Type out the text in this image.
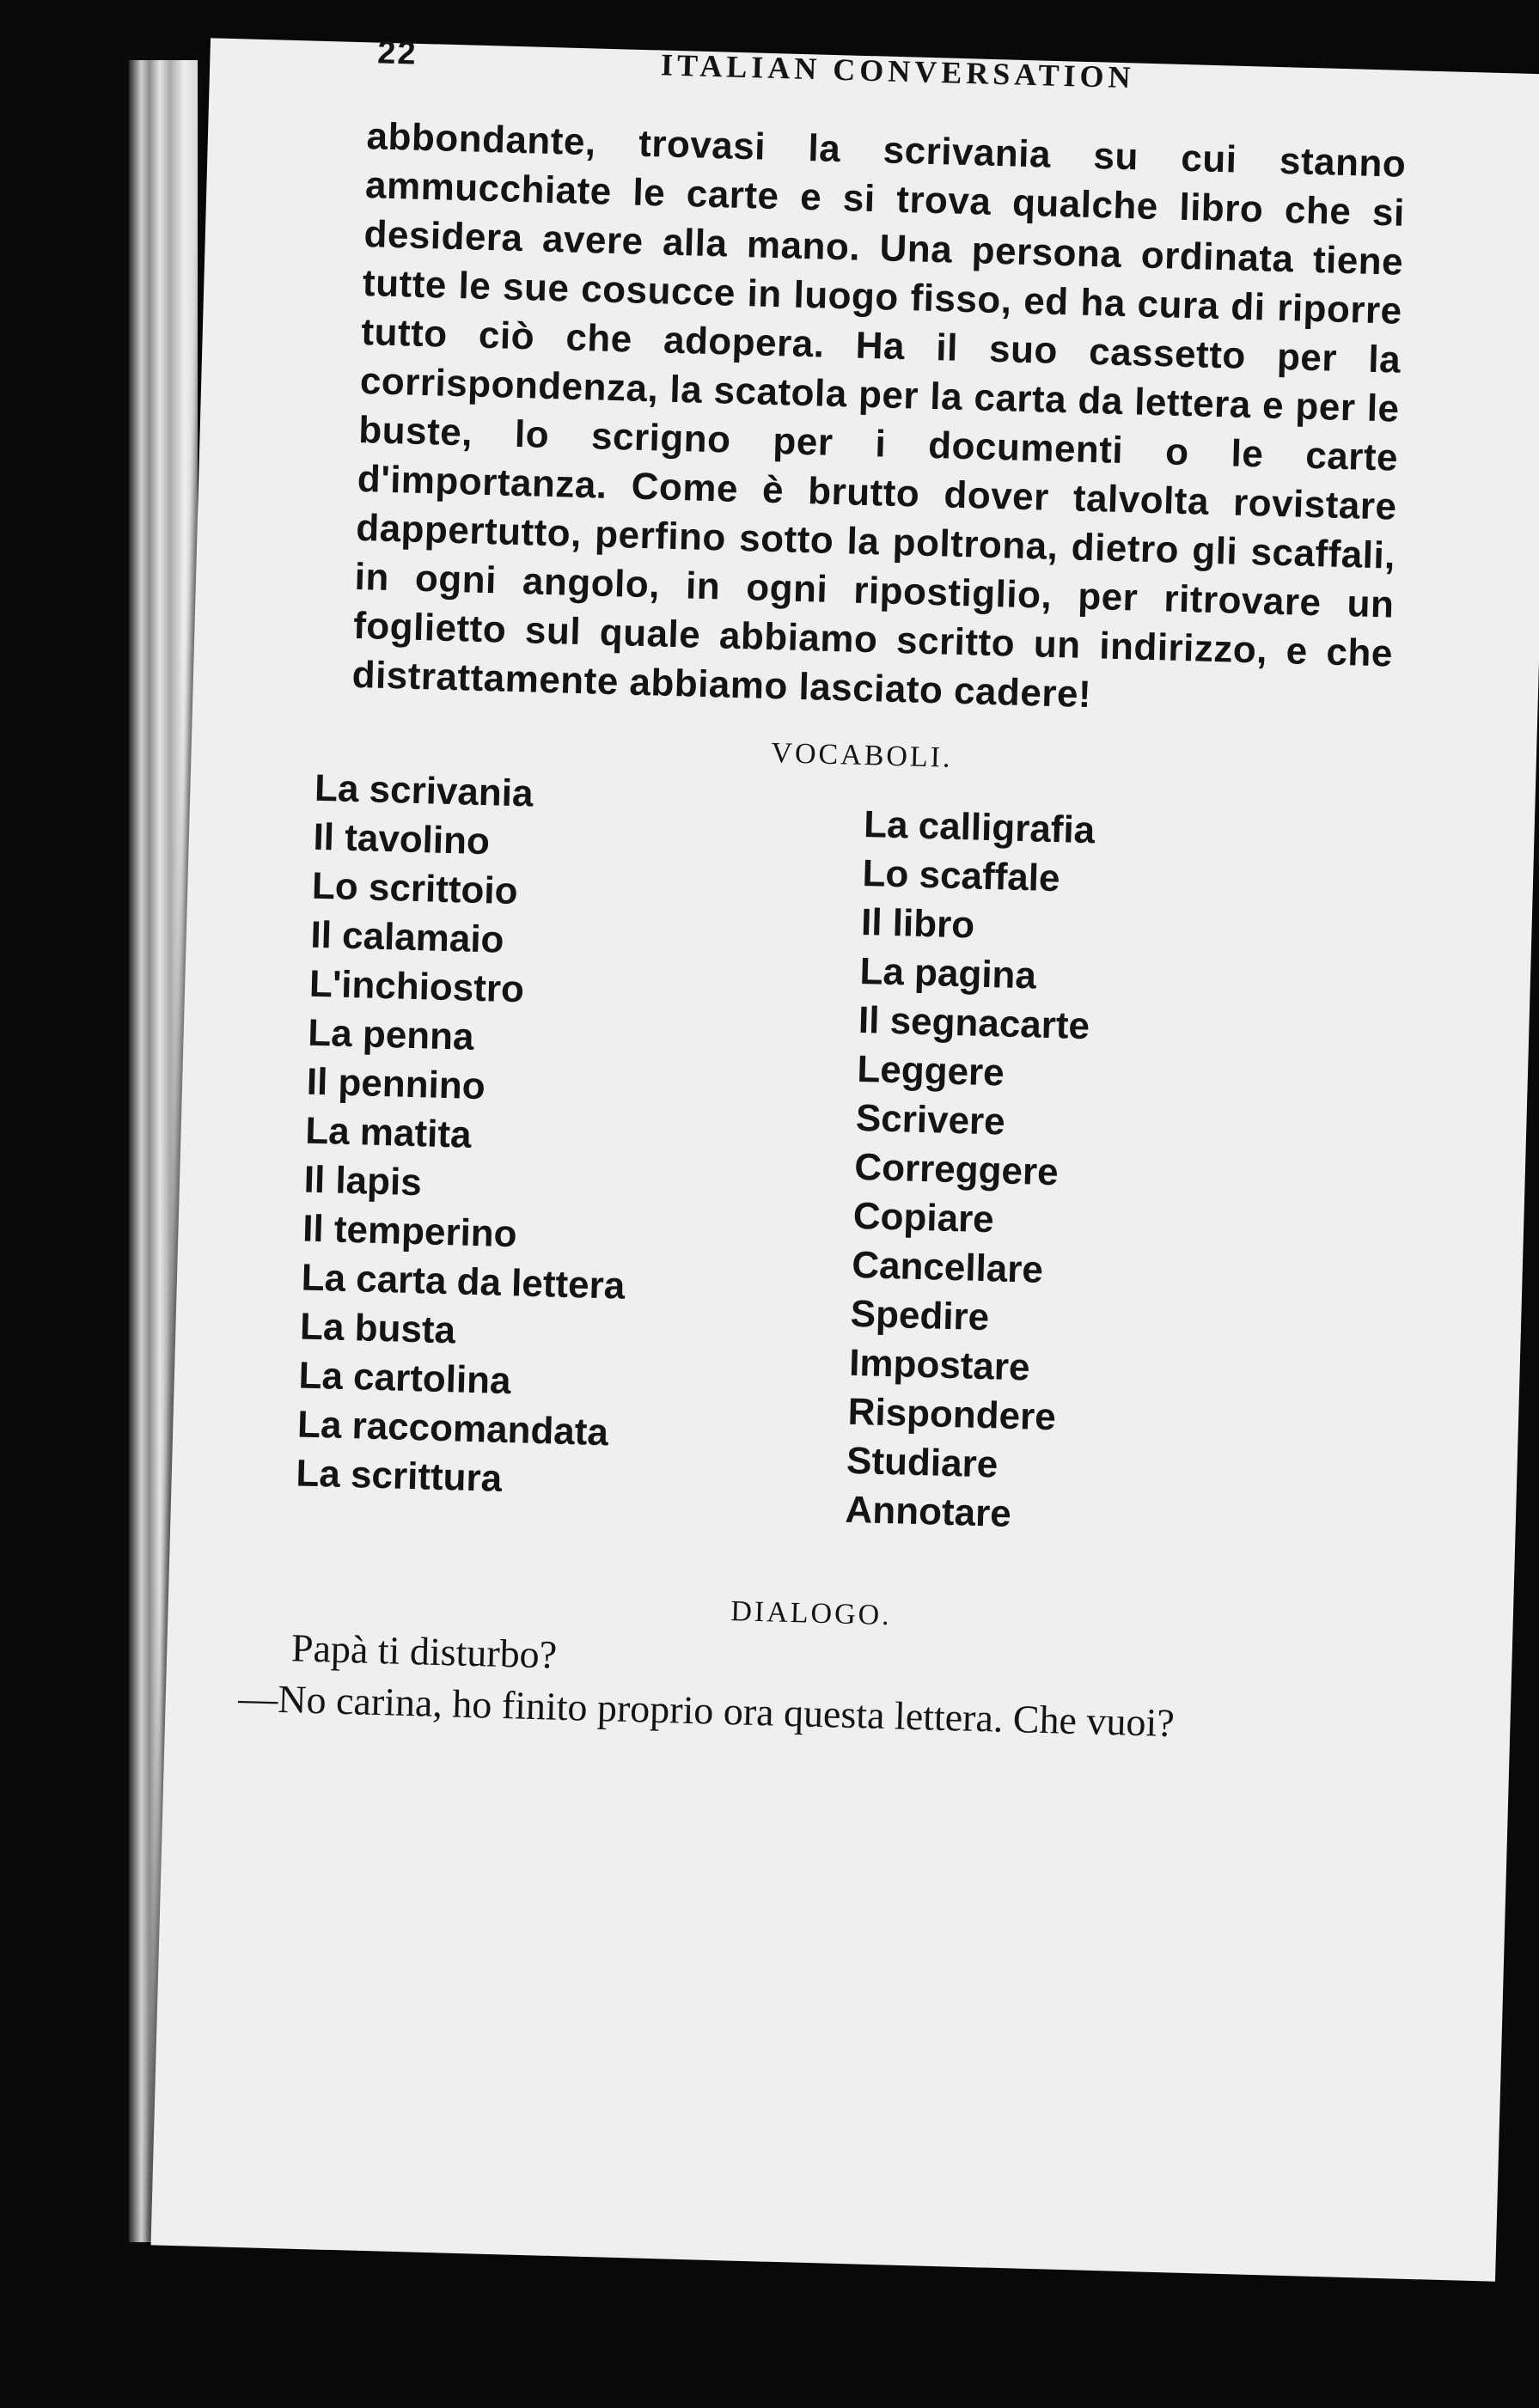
22	ITALIAN CONVERSATION
abbondante, trovasi la scrivania su cui stanno ammucchiate le carte e si trova qualche libro che si desidera avere alla mano. Una persona ordinata tiene tutte le sue cosucce in luogo fisso, ed ha cura di riporre tutto ciò che adopera. Ha il suo cassetto per la corrispondenza, la scatola per la carta da lettera e per le buste, lo scrigno per i documenti o le carte d'importanza. Come è brutto dover talvolta rovistare dappertutto, perfino sotto la poltrona, dietro gli scaffali, in ogni angolo, in ogni ripostiglio, per ritrovare un foglietto sul quale abbiamo scritto un indirizzo, e che distrattamente abbiamo lasciato cadere!
VOCABOLI.
La scrivania
Il tavolino
Lo scrittoio
Il calamaio
L'inchiostro
La penna
Il pennino
La matita
Il lapis
Il temperino
La carta da lettera
La busta
La cartolina
La raccomandata
La scrittura
La calligrafia
Lo scaffale
Il libro
La pagina
Il segnacarte
Leggere
Scrivere
Correggere
Copiare
Cancellare
Spedire
Impostare
Rispondere
Studiare
Annotare
DIALOGO.

Papà ti disturbo?

—No carina, ho finito proprio ora questa lettera. Che vuoi?
